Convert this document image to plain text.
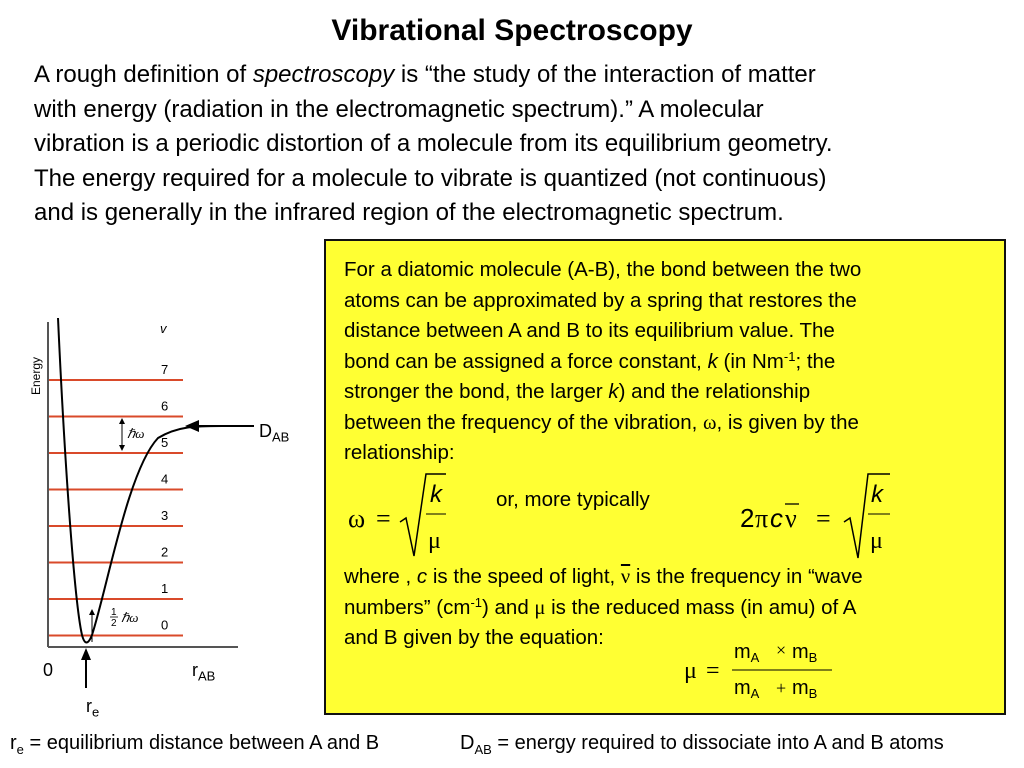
Vibrational Spectroscopy
A rough definition of spectroscopy is “the study of the interaction of matter
with energy (radiation in the electromagnetic spectrum).” A molecular
vibration is a periodic distortion of a molecule from its equilibrium geometry.
The energy required for a molecule to vibrate is quantized (not continuous)
and is generally in the infrared region of the electromagnetic spectrum.
ℏω
1
2 ℏω
Energy
v
7
6
5
4
3
2
1
0
0	$r_{AB}$
$r_e$
$D_{AB}$
For a diatomic molecule (A-B), the bond between the two
atoms can be approximated by a spring that restores the
distance between A and B to its equilibrium value. The
bond can be assigned a force constant, k (in $Nm^{-1}$; the
stronger the bond, the larger k) and the relationship
between the frequency of the vibration, ω, is given by the
relationship:
ω =
k
μ
or, more typically
2 π c ν =
k
μ
where , c is the speed of light, $\overline{\nu}$ is the frequency in “wave
numbers” $(cm^{-1})$ and μ is the reduced mass (in amu) of A
and B given by the equation:
μ =
$m_A \times m_B$
$m_A + m_B$
$r_e$ = equilibrium distance between A and B	$D_{AB}$ = energy required to dissociate into A and B atoms
